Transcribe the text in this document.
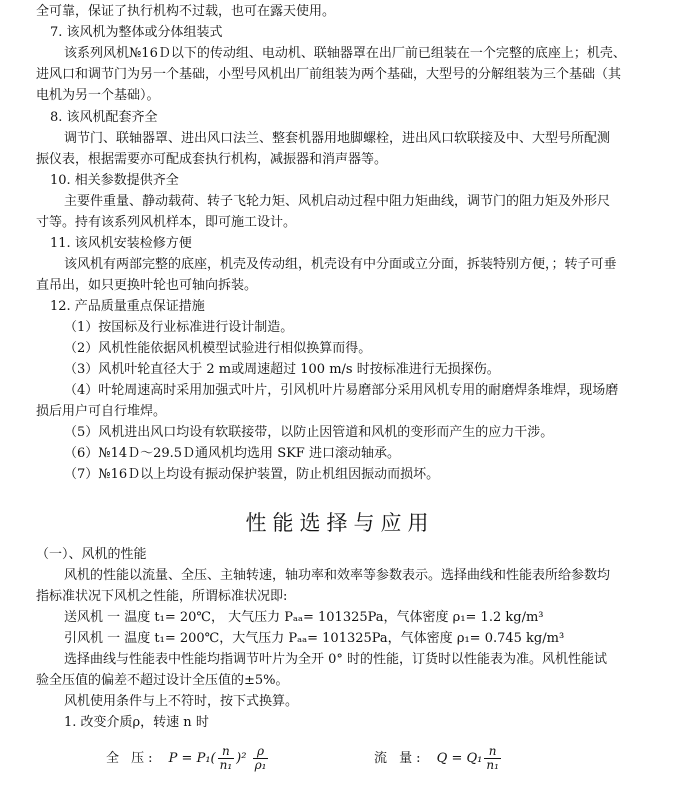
全可靠，保证了执行机构不过载，也可在露天使用。
7. 该风机为整体或分体组装式
该系列风机№16Ｄ以下的传动组、电动机、联轴器罩在出厂前已组装在一个完整的底座上；机壳、
进风口和调节门为另一个基础，小型号风机出厂前组装为两个基础，大型号的分解组装为三个基础（其
电机为另一个基础）。
8. 该风机配套齐全
调节门、联轴器罩、进出风口法兰、整套机器用地脚螺栓，进出风口软联接及中、大型号所配测
振仪表，根据需要亦可配成套执行机构，减振器和消声器等。
10. 相关参数提供齐全
主要件重量、静动载荷、转子飞轮力矩、风机启动过程中阻力矩曲线，调节门的阻力矩及外形尺
寸等。持有该系列风机样本，即可施工设计。
11. 该风机安装检修方便
该风机有两部完整的底座，机壳及传动组，机壳设有中分面或立分面，拆装特别方便，；转子可垂
直吊出，如只更换叶轮也可轴向拆装。
12. 产品质量重点保证措施
（1）按国标及行业标准进行设计制造。
（2）风机性能依据风机模型试验进行相似换算而得。
（3）风机叶轮直径大于 2 m或周速超过 100 m/s 时按标准进行无损探伤。
（4）叶轮周速高时采用加强式叶片，引风机叶片易磨部分采用风机专用的耐磨焊条堆焊，现场磨
损后用户可自行堆焊。
（5）风机进出风口均设有软联接带，以防止因管道和风机的变形而产生的应力干涉。
（6）№14Ｄ～29.5Ｄ通风机均选用 SKF 进口滚动轴承。
（7）№16Ｄ以上均设有振动保护装置，防止机组因振动而损坏。
（一）、风机的性能
风机的性能以流量、全压、主轴转速，轴功率和效率等参数表示。选择曲线和性能表所给参数均
指标准状况下风机之性能，所谓标准状况即:
送风机 一 温度 t₁= 20℃， 大气压力 Pₐₐ= 101325Pa，气体密度 ρ₁= 1.2 kg/m³
引风机 一 温度 t₁= 200℃，大气压力 Pₐₐ= 101325Pa，气体密度 ρ₁= 0.745 kg/m³
选择曲线与性能表中性能均指调节叶片为全开 0° 时的性能，订货时以性能表为准。风机性能试
验全压值的偏差不超过设计全压值的±5%。
风机使用条件与上不符时，按下式换算。
1. 改变介质ρ，转速 n 时
性能选择与应用
全 压: $P = P_1( \frac{n}{\text{n₁}} )^2 \frac{\rho}{\text{ρ₁}}$	流 量: $Q = Q_1 \frac{n}{\text{n₁}}$
